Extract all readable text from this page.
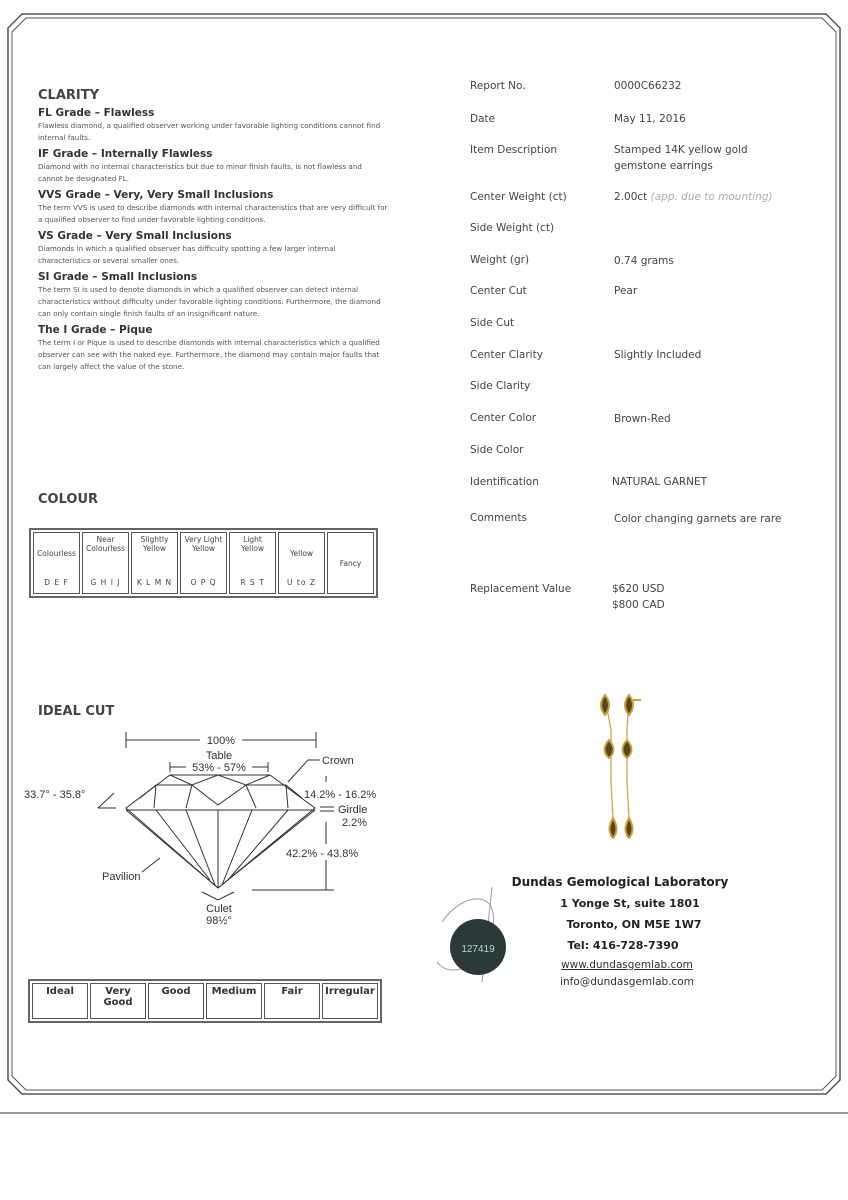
CLARITY

FL Grade – Flawless

Flawless diamond, a qualified observer working under favorable lighting conditions cannot find internal faults.

IF Grade – Internally Flawless

Diamond with no internal characteristics but due to minor finish faults, is not flawless and cannot be designated FL.

VVS Grade – Very, Very Small Inclusions

The term VVS is used to describe diamonds with internal characteristics that are very difficult for a qualified observer to find under favorable lighting conditions.

VS Grade – Very Small Inclusions

Diamonds in which a qualified observer has difficulty spotting a few larger internal characteristics or several smaller ones.

SI Grade – Small Inclusions

The term SI is used to denote diamonds in which a qualified observer can detect internal characteristics without difficulty under favorable lighting conditions. Furthermore, the diamond can only contain single finish faults of an insignificant nature.

The I Grade – Pique

The term I or Pique is used to describe diamonds with internal characteristics which a qualified observer can see with the naked eye. Furthermore, the diamond may contain major faults that can largely affect the value of the stone.

COLOUR
Colourless
D E F

Near Colourless
G H I J

Slightly Yellow
K L M N

Very Light Yellow
O P Q

Light Yellow
R S T

Yellow
U to Z

Fancy
IDEAL CUT
100%
Table
53% - 57%
Crown
33.7° - 35.8°	14.2% - 16.2%
Girdle
2.2%
42.2% - 43.8%
Pavilion
Culet
98½°
Ideal	Very Good	Good	Medium	Fair	Irregular
Report No.	0000C66232
Date	May 11, 2016
Item Description	Stamped 14K yellow gold gemstone earrings
Center Weight (ct)	2.00ct (app. due to mounting)
Side Weight (ct)
Weight (gr)	0.74 grams
Center Cut	Pear
Side Cut
Center Clarity	Slightly Included
Side Clarity
Center Color	Brown-Red
Side Color
Identification	NATURAL GARNET
Comments	Color changing garnets are rare
Replacement Value	$620 USD
$800 CAD
127419
Dundas Gemological Laboratory
1 Yonge St, suite 1801
Toronto, ON M5E 1W7
Tel: 416-728-7390
www.dundasgemlab.com
info@dundasgemlab.com
